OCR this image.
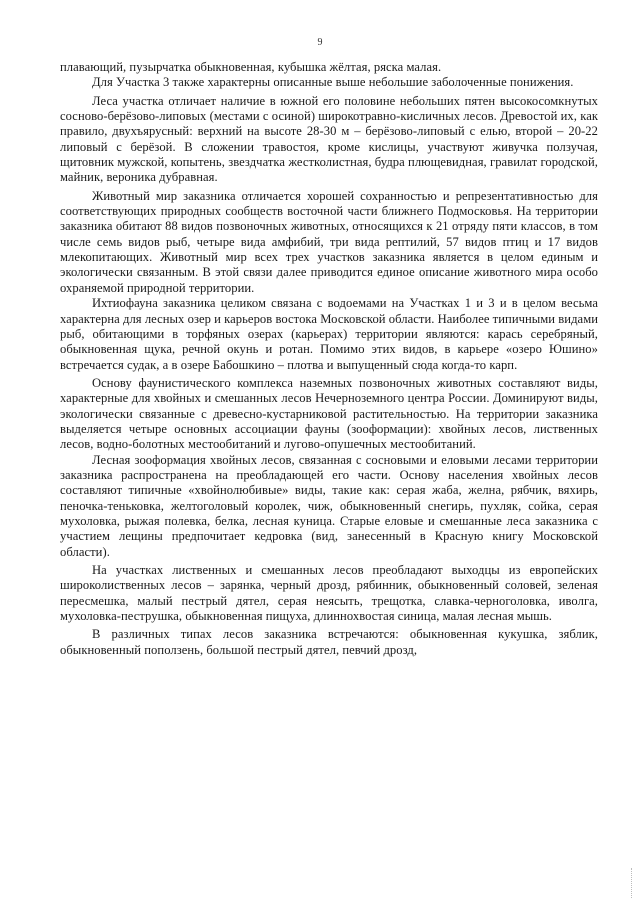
9

плавающий, пузырчатка обыкновенная, кубышка жёлтая, ряска малая.

Для Участка 3 также характерны описанные выше небольшие заболоченные понижения.

Леса участка отличает наличие в южной его половине небольших пятен высокосомкнутых сосново-берёзово-липовых (местами с осиной) широкотравно-кисличных лесов. Древостой их, как правило, двухъярусный: верхний на высоте 28-30 м – берёзово-липовый с елью, второй – 20-22 липовый с берёзой. В сложении травостоя, кроме кислицы, участвуют живучка ползучая, щитовник мужской, копытень, звездчатка жестколистная, будра плющевидная, гравилат городской, майник, вероника дубравная.

Животный мир заказника отличается хорошей сохранностью и репрезентативностью для соответствующих природных сообществ восточной части ближнего Подмосковья. На территории заказника обитают 88 видов позвоночных животных, относящихся к 21 отряду пяти классов, в том числе семь видов рыб, четыре вида амфибий, три вида рептилий, 57 видов птиц и 17 видов млекопитающих. Животный мир всех трех участков заказника является в целом единым и экологически связанным. В этой связи далее приводится единое описание животного мира особо охраняемой природной территории.

Ихтиофауна заказника целиком связана с водоемами на Участках 1 и 3 и в целом весьма характерна для лесных озер и карьеров востока Московской области. Наиболее типичными видами рыб, обитающими в торфяных озерах (карьерах) территории являются: карась серебряный, обыкновенная щука, речной окунь и ротан. Помимо этих видов, в карьере «озеро Юшино» встречается судак, а в озере Бабошкино – плотва и выпущенный сюда когда-то карп.

Основу фаунистического комплекса наземных позвоночных животных составляют виды, характерные для хвойных и смешанных лесов Нечерноземного центра России. Доминируют виды, экологически связанные с древесно-кустарниковой растительностью. На территории заказника выделяется четыре основных ассоциации фауны (зооформации): хвойных лесов, лиственных лесов, водно-болотных местообитаний и лугово-опушечных местообитаний.

Лесная зооформация хвойных лесов, связанная с сосновыми и еловыми лесами территории заказника распространена на преобладающей его части. Основу населения хвойных лесов составляют типичные «хвойнолюбивые» виды, такие как: серая жаба, желна, рябчик, вяхирь, пеночка-теньковка, желтоголовый королек, чиж, обыкновенный снегирь, пухляк, сойка, серая мухоловка, рыжая полевка, белка, лесная куница. Старые еловые и смешанные леса заказника с участием лещины предпочитает кедровка (вид, занесенный в Красную книгу Московской области).

На участках лиственных и смешанных лесов преобладают выходцы из европейских широколиственных лесов – зарянка, черный дрозд, рябинник, обыкновенный соловей, зеленая пересмешка, малый пестрый дятел, серая неясыть, трещотка, славка-черноголовка, иволга, мухоловка-пеструшка, обыкновенная пищуха, длиннохвостая синица, малая лесная мышь.

В различных типах лесов заказника встречаются: обыкновенная кукушка, зяблик, обыкновенный поползень, большой пестрый дятел, певчий дрозд,
